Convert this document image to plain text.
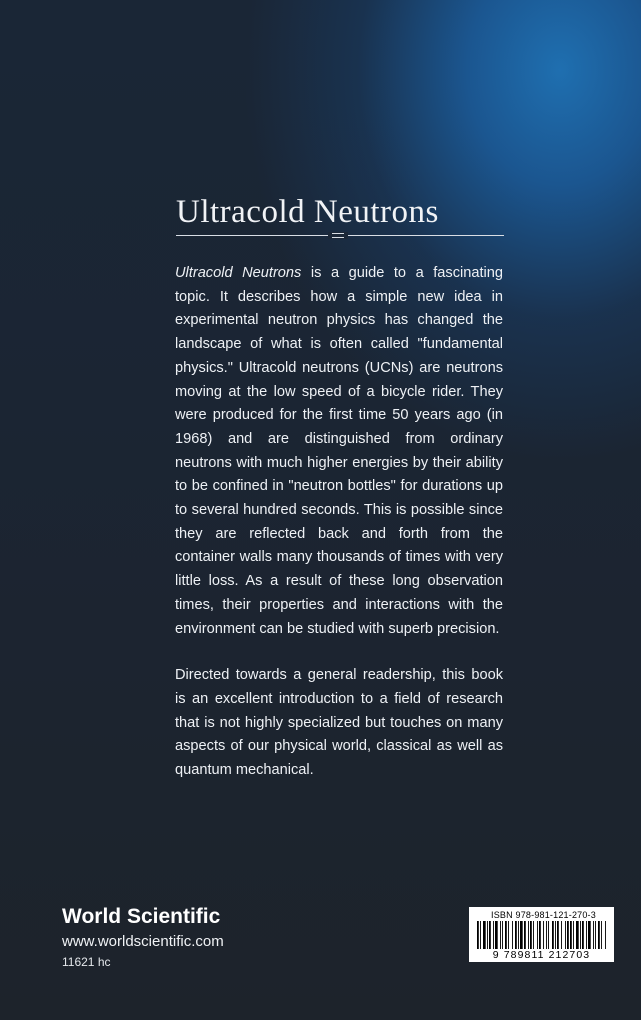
Ultracold Neutrons

Ultracold Neutrons is a guide to a fascinating topic. It describes how a simple new idea in experimental neutron physics has changed the landscape of what is often called "fundamental physics." Ultracold neutrons (UCNs) are neutrons moving at the low speed of a bicycle rider. They were produced for the first time 50 years ago (in 1968) and are distinguished from ordinary neutrons with much higher energies by their ability to be confined in "neutron bottles" for durations up to several hundred seconds. This is possible since they are reflected back and forth from the container walls many thousands of times with very little loss. As a result of these long observation times, their properties and interactions with the environment can be studied with superb precision.

Directed towards a general readership, this book is an excellent introduction to a field of research that is not highly specialized but touches on many aspects of our physical world, classical as well as quantum mechanical.

World Scientific
www.worldscientific.com
11621 hc
ISBN 978-981-121-270-3
9 789811 212703
